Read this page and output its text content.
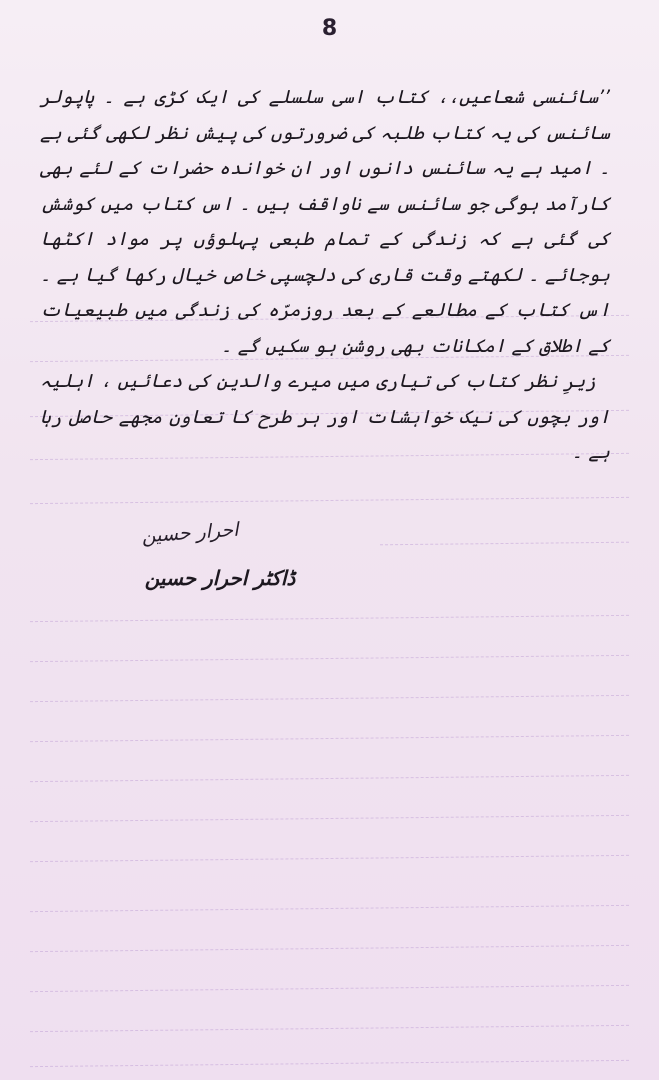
8

’’سائنسی شعاعیں،، کتاب اسی سلسلے کی ایک کڑی ہے ۔ پاپولر سائنس کی یہ کتاب طلبہ کی ضرورتوں کی پیش نظر لکھی گئی ہے ۔ امید ہے یہ سائنس دانوں اور ان خواندہ حضرات کے لئے بھی کارآمد ہوگی جو سائنس سے ناواقف ہیں ۔ اس کتاب میں کوشش کی گئی ہے کہ زندگی کے تمام طبعی پہلوؤں پر مواد اکٹھا ہوجائے ۔ لکھتے وقت قاری کی دلچسپی خاص خیال رکھا گیا ہے ۔ اس کتاب کے مطالعے کے بعد روزمرّہ کی زندگی میں طبیعیات کے اطلاق کے امکانات بھی روشن ہو سکیں گے ۔

زیرِ نظر کتاب کی تیاری میں میرے والدین کی دعائیں ، اہلیہ اور بچوں کی نیک خواہشات اور ہر طرح کا تعاون مجھے حاصل رہا ہے ۔

احرار حسین
ڈاکٹر احرار حسین
